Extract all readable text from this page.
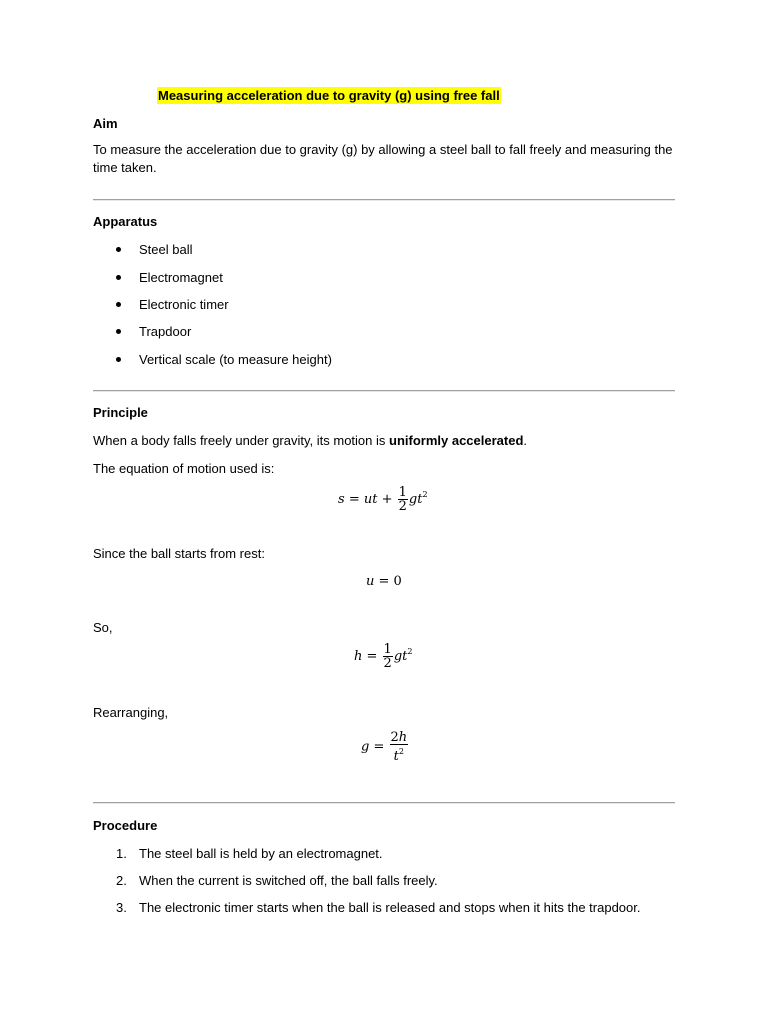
Measuring acceleration due to gravity (g) using free fall
Aim
To measure the acceleration due to gravity (g) by allowing a steel ball to fall freely and measuring the time taken.
Apparatus
Steel ball
Electromagnet
Electronic timer
Trapdoor
Vertical scale (to measure height)
Principle
When a body falls freely under gravity, its motion is uniformly accelerated.
The equation of motion used is:
s = ut + $\frac{1}{2} gt^2$
Since the ball starts from rest:
u = 0
So,
$h = \frac{1}{2} gt^2$
Rearranging,
$g = \frac{2h}{t^2}$
Procedure
1. The steel ball is held by an electromagnet.
2. When the current is switched off, the ball falls freely.
3. The electronic timer starts when the ball is released and stops when it hits the trapdoor.
